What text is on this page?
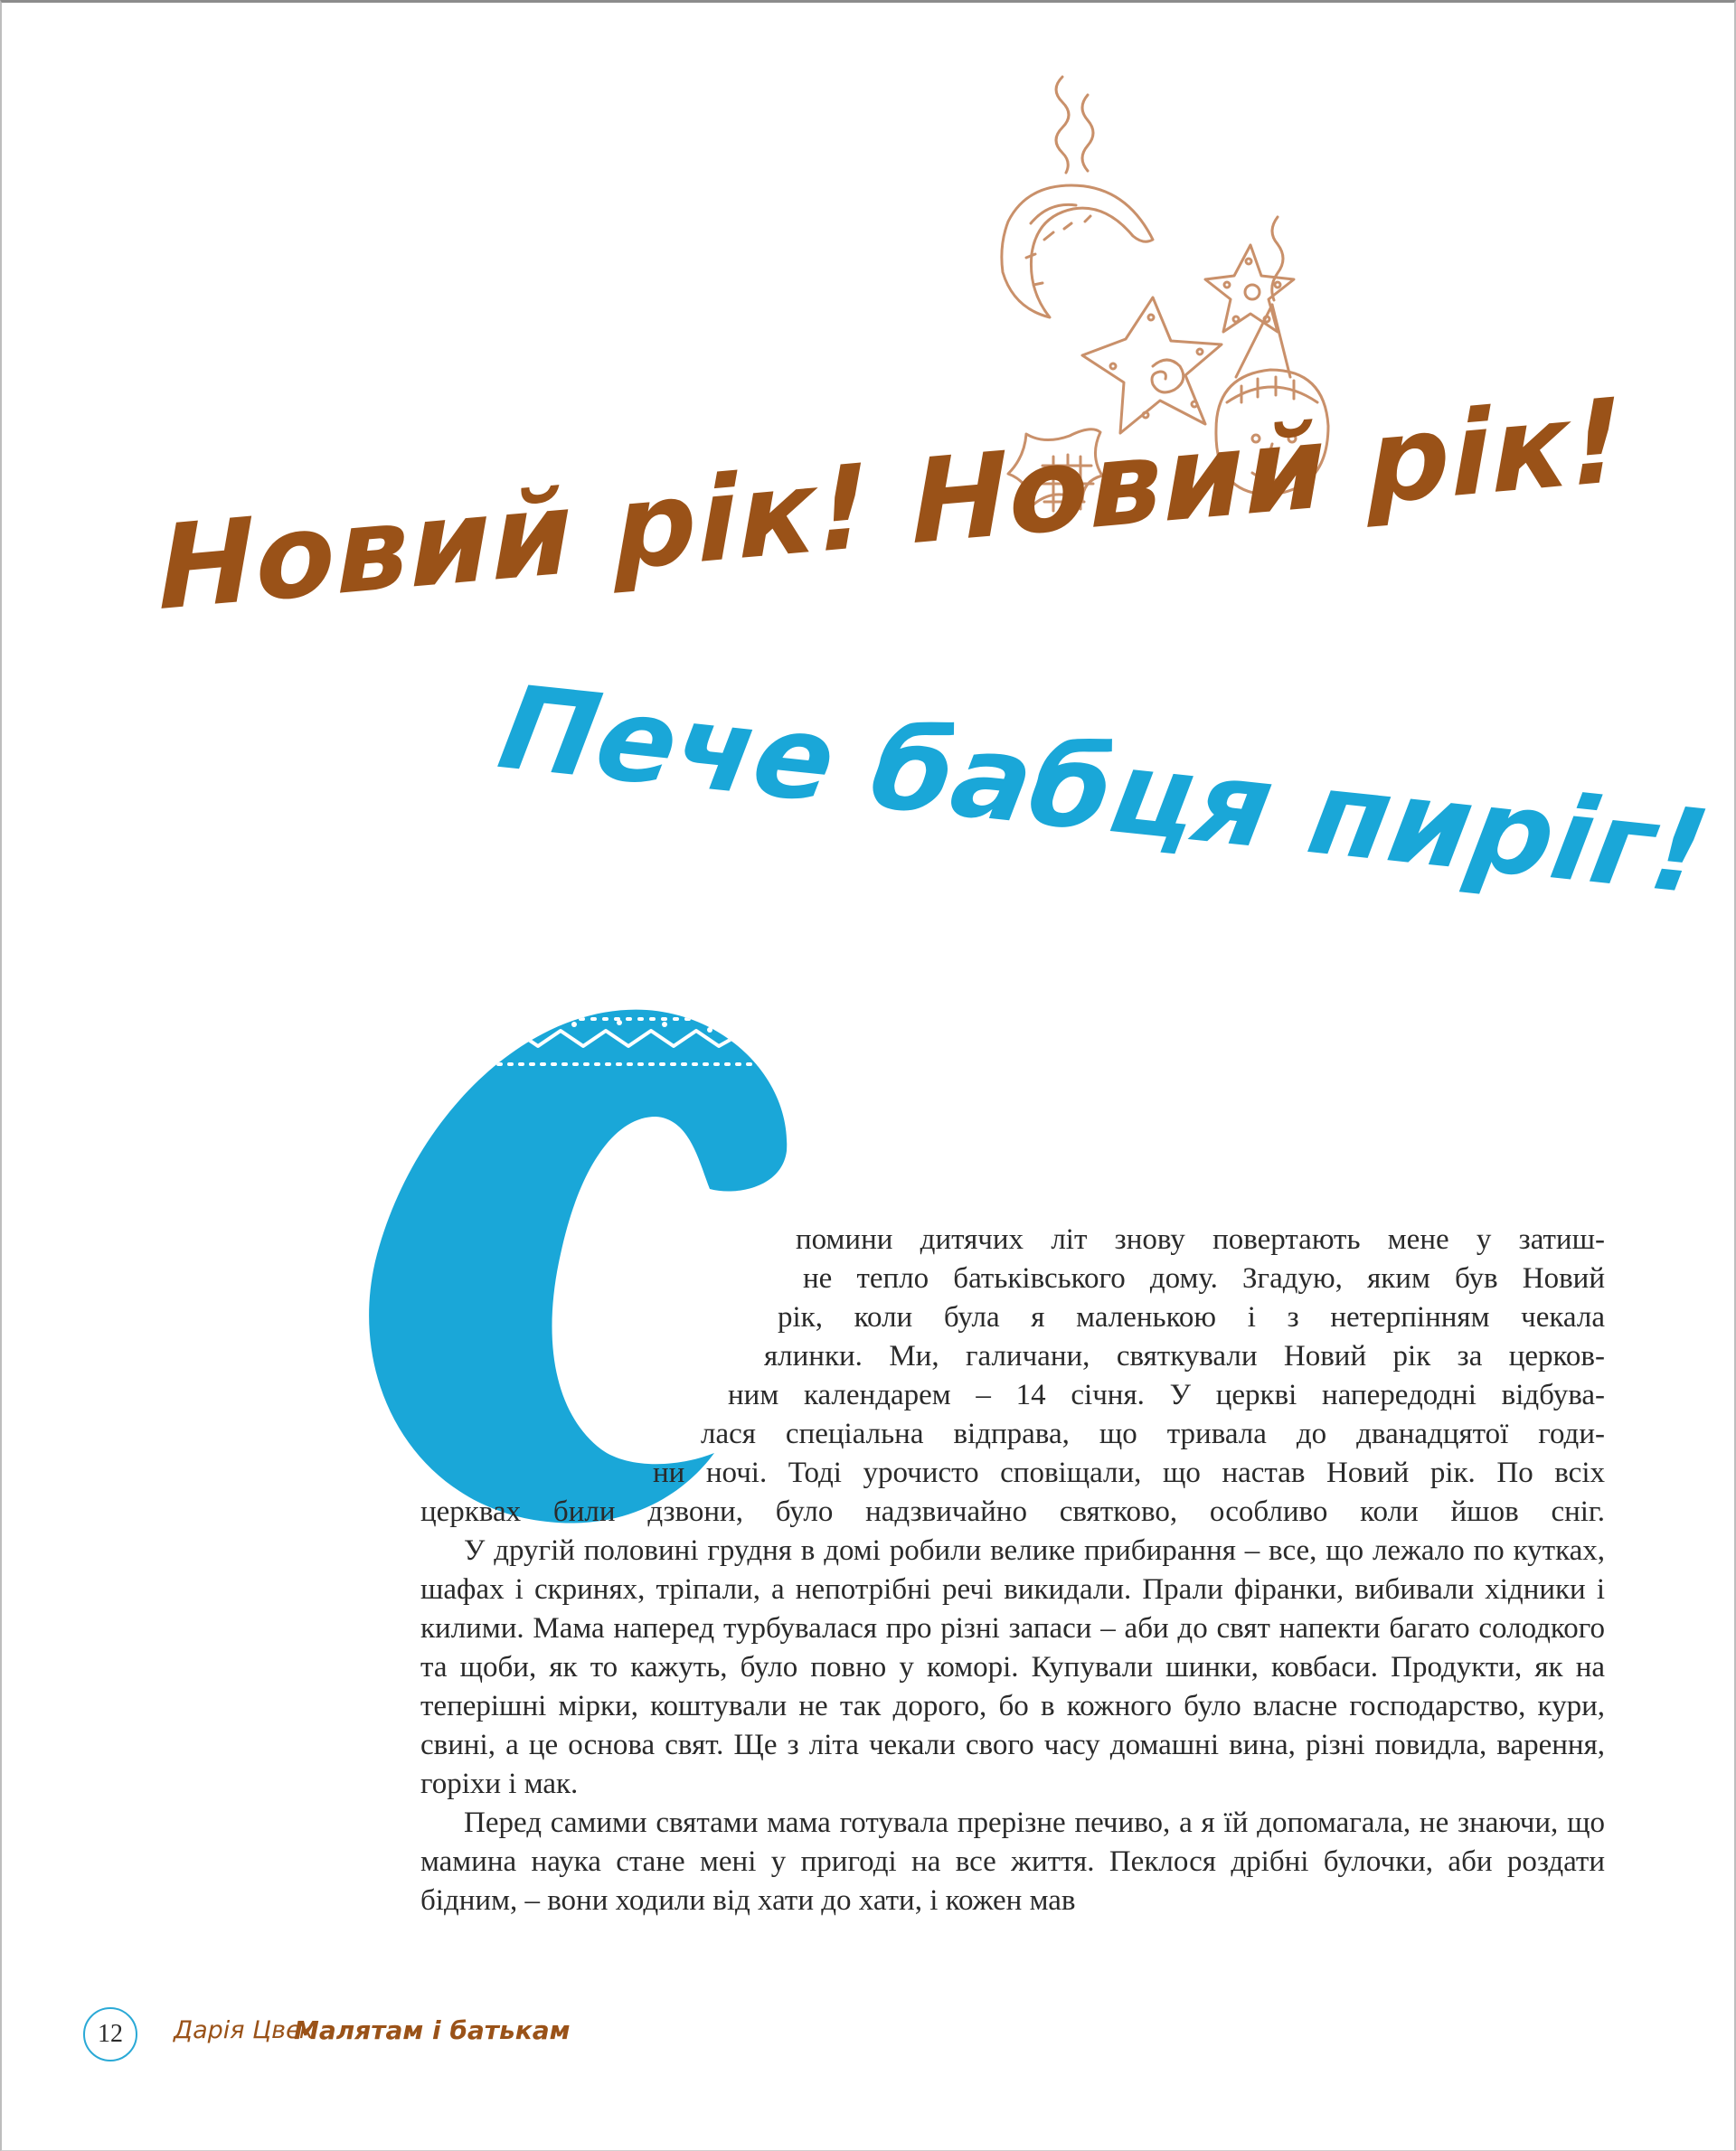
Новий рік! Новий рік!
Пече бабця пиріг!
помини дитячих літ знову повертають мене у затиш-
не тепло батьківського дому. Згадую, яким був Новий
рік, коли була я маленькою і з нетерпінням чекала
ялинки. Ми, галичани, святкували Новий рік за церков-
ним календарем – 14 січня. У церкві напередодні відбува-
лася спеціальна відправа, що тривала до дванадцятої годи-
ни ночі. Тоді урочисто сповіщали, що настав Новий рік. По всіх
церквах били дзвони, було надзвичайно святково, особливо коли йшов сніг.

У другій половині грудня в домі робили велике прибирання – все, що лежало по кутках, шафах і скринях, тріпали, а непотрібні речі викидали. Прали фіранки, вибивали хідники і килими. Мама наперед турбувалася про різні запаси – аби до свят напекти багато солодкого та щоби, як то кажуть, було повно у коморі. Купували шинки, ковбаси. Продукти, як на теперішні мірки, коштували не так дорого, бо в кожного було власне господарство, кури, свині, а це основа свят. Ще з літа чекали свого часу домашні вина, різні повидла, варення, горіхи і мак.

Перед самими святами мама готувала прерізне печиво, а я їй допомагала, не знаючи, що мамина наука стане мені у пригоді на все життя. Пеклося дрібні булочки, аби роздати бідним, – вони ходили від хати до хати, і кожен мав

12	Дарія Цвєк
Малятам і батькам
